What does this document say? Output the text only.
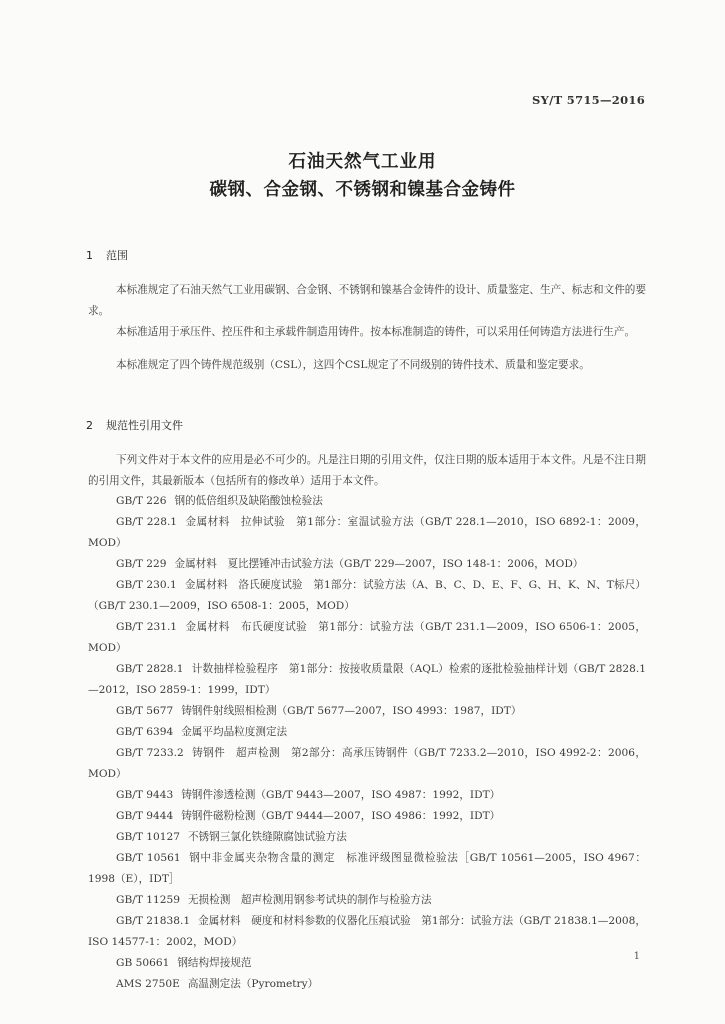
SY/T 5715—2016
石油天然气工业用
碳钢、合金钢、不锈钢和镍基合金铸件
1 范围
本标准规定了石油天然气工业用碳钢、合金钢、不锈钢和镍基合金铸件的设计、质量鉴定、生产、标志和文件的要求。
本标准适用于承压件、控压件和主承载件制造用铸件。按本标准制造的铸件，可以采用任何铸造方法进行生产。
本标准规定了四个铸件规范级别（CSL），这四个CSL规定了不同级别的铸件技术、质量和鉴定要求。
2 规范性引用文件
下列文件对于本文件的应用是必不可少的。凡是注日期的引用文件，仅注日期的版本适用于本文件。凡是不注日期的引用文件，其最新版本（包括所有的修改单）适用于本文件。
GB/T 226 钢的低倍组织及缺陷酸蚀检验法
GB/T 228.1 金属材料　拉伸试验　第1部分：室温试验方法（GB/T 228.1—2010，ISO 6892-1：2009，MOD）
GB/T 229 金属材料　夏比摆锤冲击试验方法（GB/T 229—2007，ISO 148-1：2006，MOD）
GB/T 230.1 金属材料　洛氏硬度试验　第1部分：试验方法（A、B、C、D、E、F、G、H、K、N、T标尺）（GB/T 230.1—2009，ISO 6508-1：2005，MOD）
GB/T 231.1 金属材料　布氏硬度试验　第1部分：试验方法（GB/T 231.1—2009，ISO 6506-1：2005，MOD）
GB/T 2828.1 计数抽样检验程序　第1部分：按接收质量限（AQL）检索的逐批检验抽样计划（GB/T 2828.1—2012，ISO 2859-1：1999，IDT）
GB/T 5677 铸钢件射线照相检测（GB/T 5677—2007，ISO 4993：1987，IDT）
GB/T 6394 金属平均晶粒度测定法
GB/T 7233.2 铸钢件　超声检测　第2部分：高承压铸钢件（GB/T 7233.2—2010，ISO 4992-2：2006，MOD）
GB/T 9443 铸钢件渗透检测（GB/T 9443—2007，ISO 4987：1992，IDT）
GB/T 9444 铸钢件磁粉检测（GB/T 9444—2007，ISO 4986：1992，IDT）
GB/T 10127 不锈钢三氯化铁缝隙腐蚀试验方法
GB/T 10561 钢中非金属夹杂物含量的测定　标准评级图显微检验法［GB/T 10561—2005，ISO 4967：1998（E），IDT］
GB/T 11259 无损检测　超声检测用钢参考试块的制作与检验方法
GB/T 21838.1 金属材料　硬度和材料参数的仪器化压痕试验　第1部分：试验方法（GB/T 21838.1—2008，ISO 14577-1：2002，MOD）
GB 50661 钢结构焊接规范
AMS 2750E 高温测定法（Pyrometry）
1
